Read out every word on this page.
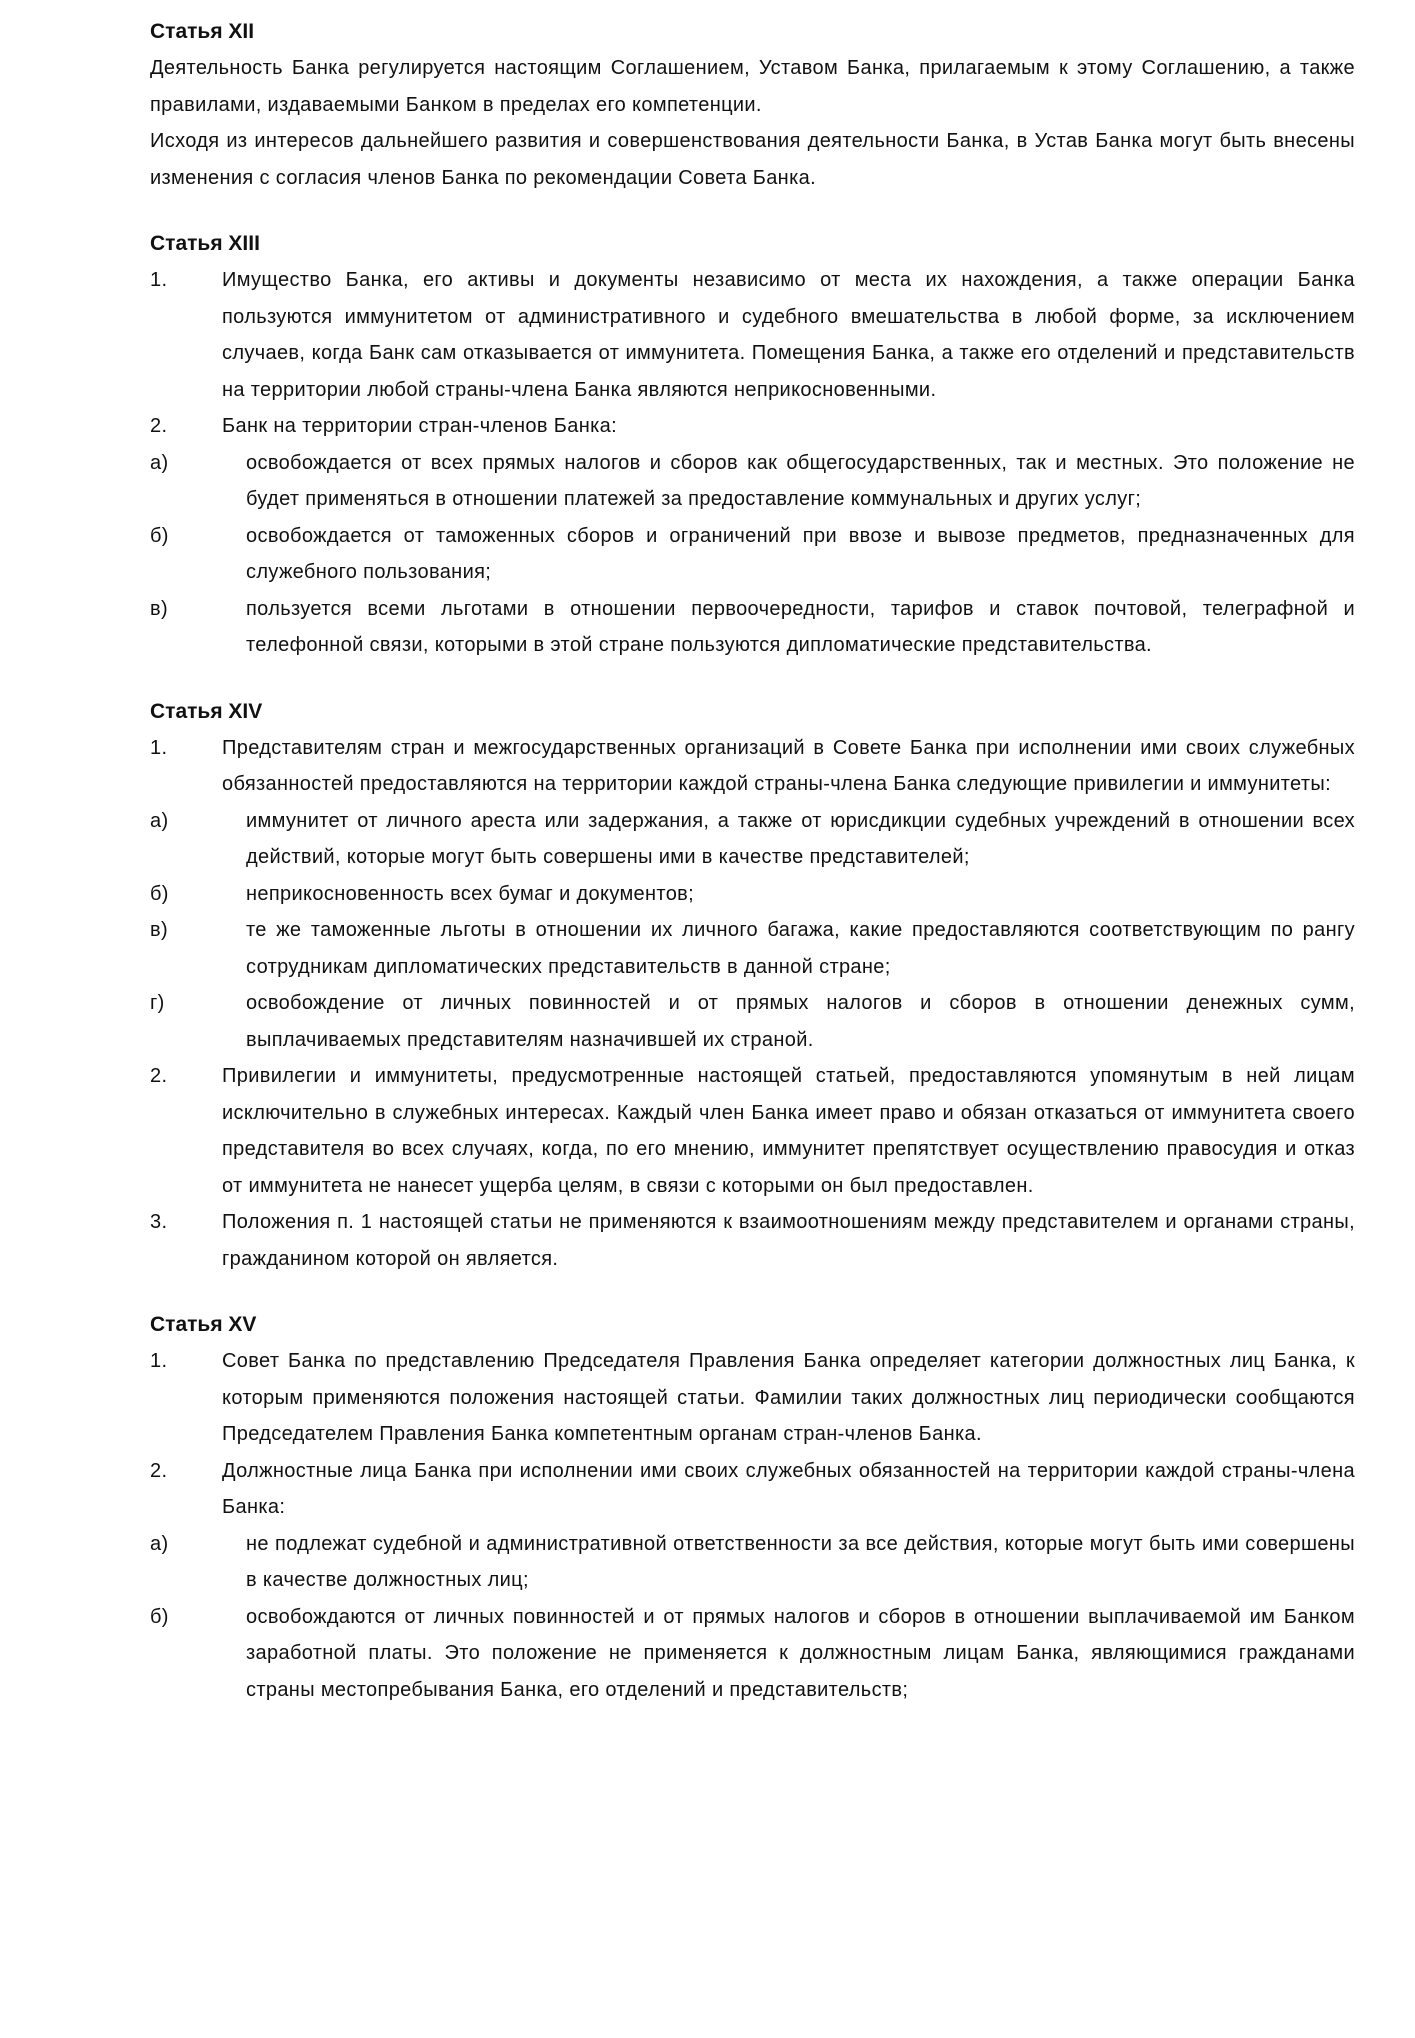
Статья XII

Деятельность Банка регулируется настоящим Соглашением, Уставом Банка, прилагаемым к этому Соглашению, а также правилами, издаваемыми Банком в пределах его компетенции.

Исходя из интересов дальнейшего развития и совершенствования деятельности Банка, в Устав Банка могут быть внесены изменения с согласия членов Банка по рекомендации Совета Банка.

Статья XIII
1.	Имущество Банка, его активы и документы независимо от места их нахождения, а также операции Банка пользуются иммунитетом от административного и судебного вмешательства в любой форме, за исключением случаев, когда Банк сам отказывается от иммунитета. Помещения Банка, а также его отделений и представительств на территории любой страны-члена Банка являются неприкосновенными.
2.	Банк на территории стран-членов Банка:
а)	освобождается от всех прямых налогов и сборов как общегосударственных, так и местных. Это положение не будет применяться в отношении платежей за предоставление коммунальных и других услуг;
б)	освобождается от таможенных сборов и ограничений при ввозе и вывозе предметов, предназначенных для служебного пользования;
в)	пользуется всеми льготами в отношении первоочередности, тарифов и ставок почтовой, телеграфной и телефонной связи, которыми в этой стране пользуются дипломатические представительства.
Статья XIV
1.	Представителям стран и межгосударственных организаций в Совете Банка при исполнении ими своих служебных обязанностей предоставляются на территории каждой страны-члена Банка следующие привилегии и иммунитеты:
а)	иммунитет от личного ареста или задержания, а также от юрисдикции судебных учреждений в отношении всех действий, которые могут быть совершены ими в качестве представителей;
б)	неприкосновенность всех бумаг и документов;
в)	те же таможенные льготы в отношении их личного багажа, какие предоставляются соответствующим по рангу сотрудникам дипломатических представительств в данной стране;
г)	освобождение от личных повинностей и от прямых налогов и сборов в отношении денежных сумм, выплачиваемых представителям назначившей их страной.
2.	Привилегии и иммунитеты, предусмотренные настоящей статьей, предоставляются упомянутым в ней лицам исключительно в служебных интересах. Каждый член Банка имеет право и обязан отказаться от иммунитета своего представителя во всех случаях, когда, по его мнению, иммунитет препятствует осуществлению правосудия и отказ от иммунитета не нанесет ущерба целям, в связи с которыми он был предоставлен.
3.	Положения п. 1 настоящей статьи не применяются к взаимоотношениям между представителем и органами страны, гражданином которой он является.
Статья XV
1.	Совет Банка по представлению Председателя Правления Банка определяет категории должностных лиц Банка, к которым применяются положения настоящей статьи. Фамилии таких должностных лиц периодически сообщаются Председателем Правления Банка компетентным органам стран-членов Банка.
2.	Должностные лица Банка при исполнении ими своих служебных обязанностей на территории каждой страны-члена Банка:
а)	не подлежат судебной и административной ответственности за все действия, которые могут быть ими совершены в качестве должностных лиц;
б)	освобождаются от личных повинностей и от прямых налогов и сборов в отношении выплачиваемой им Банком заработной платы. Это положение не применяется к должностным лицам Банка, являющимися гражданами страны местопребывания Банка, его отделений и представительств;
